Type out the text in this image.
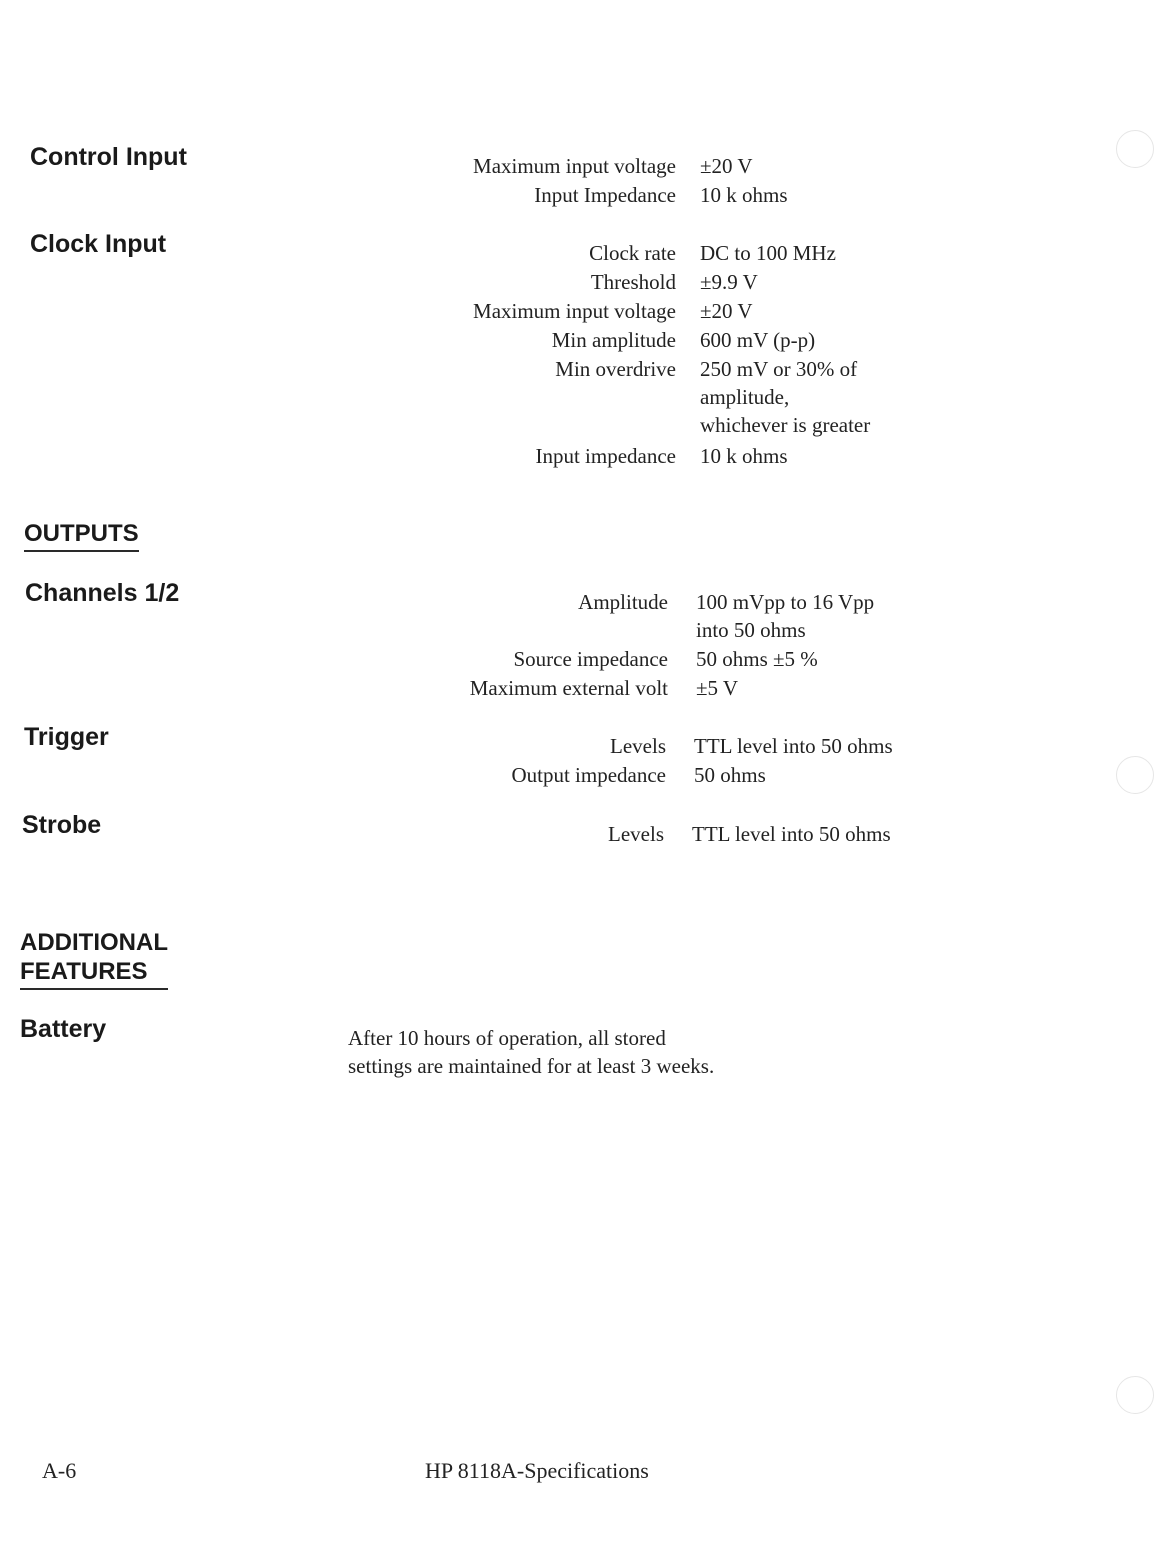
Control Input	Maximum input voltage ±20 V
Input Impedance 10 k ohms
Clock Input	Clock rate DC to 100 MHz
Threshold ±9.9 V
Maximum input voltage ±20 V
Min amplitude 600 mV (p-p)
Min overdrive 250 mV or 30% of
amplitude,
whichever is greater
Input impedance 10 k ohms
OUTPUTS
Channels 1/2	Amplitude 100 mVpp to 16 Vpp
into 50 ohms
Source impedance 50 ohms ±5 %
Maximum external volt ±5 V
Trigger	Levels TTL level into 50 ohms
Output impedance 50 ohms
Strobe	Levels TTL level into 50 ohms
ADDITIONAL
FEATURES
Battery	After 10 hours of operation, all stored
settings are maintained for at least 3 weeks.
A-6	HP 8118A-Specifications
